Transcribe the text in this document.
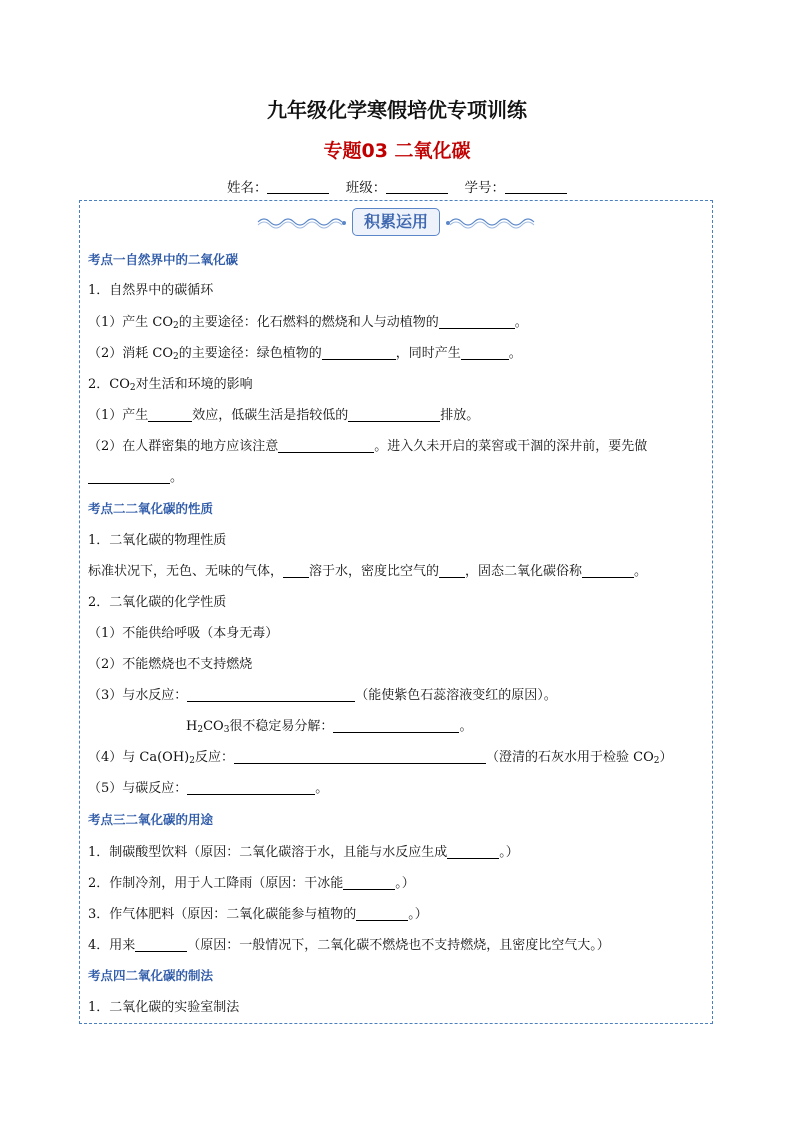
九年级化学寒假培优专项训练
专题03 二氧化碳
姓名：	班级：	学号：
积累运用
考点一自然界中的二氧化碳
1．自然界中的碳循环
（1）产生 $CO_2$的主要途径：化石燃料的燃烧和人与动植物的	。
（2）消耗 $CO_2$的主要途径：绿色植物的	，同时产生	。
2．$CO_2$对生活和环境的影响
（1）产生	效应，低碳生活是指较低的	排放。
（2）在人群密集的地方应该注意	。进入久未开启的菜窖或干涸的深井前，要先做
。
考点二二氧化碳的性质
1．二氧化碳的物理性质
标准状况下，无色、无味的气体， 溶于水，密度比空气的 ，固态二氧化碳俗称	。
2．二氧化碳的化学性质
（1）不能供给呼吸（本身无毒）
（2）不能燃烧也不支持燃烧
（3）与水反应：	（能使紫色石蕊溶液变红的原因）。
$H_2CO_3$很不稳定易分解：	。
（4）与 $Ca(OH)_2$反应：	（澄清的石灰水用于检验 $CO_2$）
（5）与碳反应：	。
考点三二氧化碳的用途
1．制碳酸型饮料（原因：二氧化碳溶于水，且能与水反应生成	。）
2．作制冷剂，用于人工降雨（原因：干冰能	。）
3．作气体肥料（原因：二氧化碳能参与植物的	。）
4．用来	（原因：一般情况下，二氧化碳不燃烧也不支持燃烧，且密度比空气大。）
考点四二氧化碳的制法
1．二氧化碳的实验室制法
